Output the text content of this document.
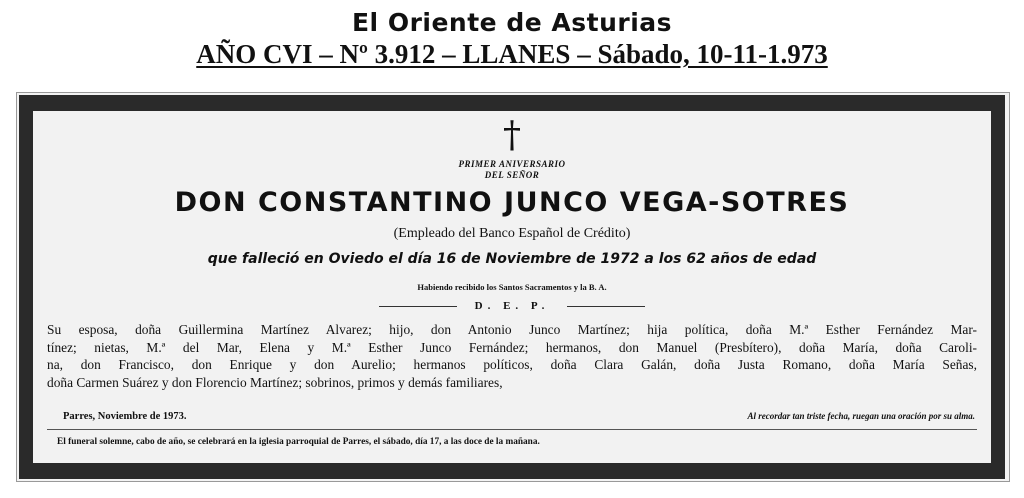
El Oriente de Asturias
AÑO CVI – Nº 3.912 – LLANES – Sábado, 10-11-1.973
†
PRIMER ANIVERSARIO
DEL SEÑOR
DON CONSTANTINO JUNCO VEGA-SOTRES
(Empleado del Banco Español de Crédito)
que falleció en Oviedo el día 16 de Noviembre de 1972 a los 62 años de edad
Habiendo recibido los Santos Sacramentos y la B. A.
D. E. P.
Su esposa, doña Guillermina Martínez Alvarez; hijo, don Antonio Junco Martínez; hija política, doña M.ª Esther Fernández Mar-
tínez; nietas, M.ª del Mar, Elena y M.ª Esther Junco Fernández; hermanos, don Manuel (Presbítero), doña María, doña Caroli-
na, don Francisco, don Enrique y don Aurelio; hermanos políticos, doña Clara Galán, doña Justa Romano, doña María Señas,
doña Carmen Suárez y don Florencio Martínez; sobrinos, primos y demás familiares,
Parres, Noviembre de 1973.	Al recordar tan triste fecha, ruegan una oración por su alma.
El funeral solemne, cabo de año, se celebrará en la iglesia parroquial de Parres, el sábado, día 17, a las doce de la mañana.
